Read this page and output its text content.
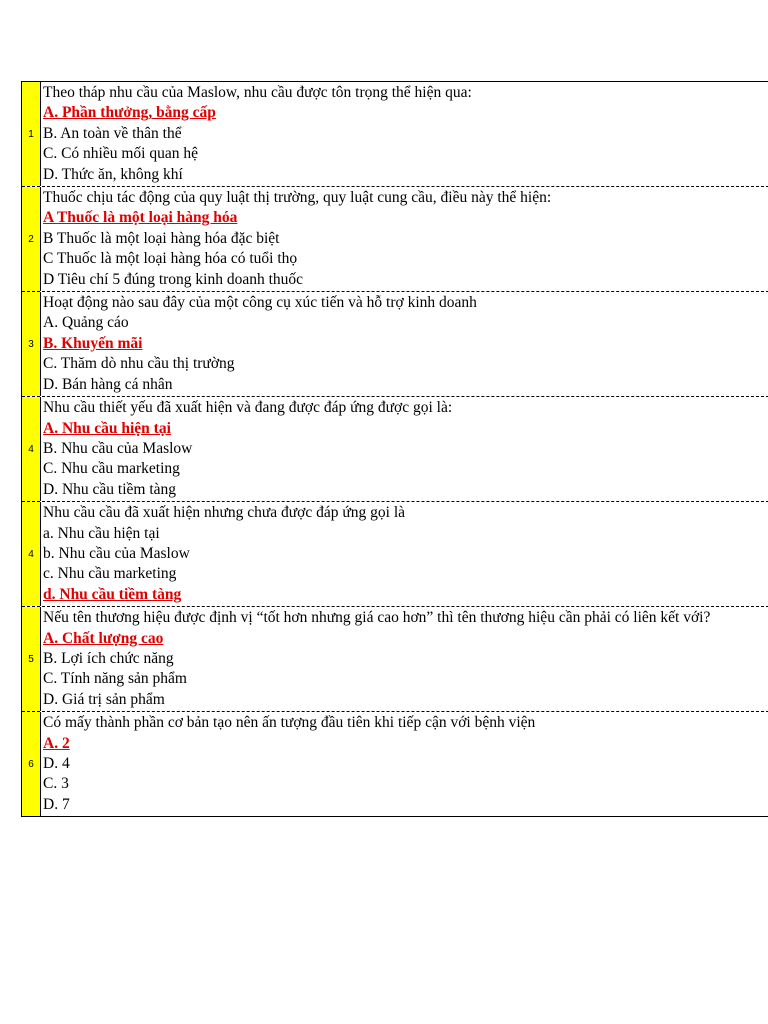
1
Theo tháp nhu cầu của Maslow, nhu cầu được tôn trọng thể hiện qua:
A. Phần thưởng, bằng cấp
B. An toàn về thân thể
C. Có nhiều mối quan hệ
D. Thức ăn, không khí
2
Thuốc chịu tác động của quy luật thị trường, quy luật cung cầu, điều này thể hiện:
A Thuốc là một loại hàng hóa
B Thuốc là một loại hàng hóa đặc biệt
C Thuốc là một loại hàng hóa có tuổi thọ
D Tiêu chí 5 đúng trong kinh doanh thuốc
3
Hoạt động nào sau đây của một công cụ xúc tiến và hỗ trợ kinh doanh
A. Quảng cáo
B. Khuyến mãi
C. Thăm dò nhu cầu thị trường
D. Bán hàng cá nhân
4
Nhu cầu thiết yếu đã xuất hiện và đang được đáp ứng được gọi là:
A. Nhu cầu hiện tại
B. Nhu cầu của Maslow
C. Nhu cầu marketing
D. Nhu cầu tiềm tàng
4
Nhu cầu cầu đã xuất hiện nhưng chưa được đáp ứng gọi là
a. Nhu cầu hiện tại
b. Nhu cầu của Maslow
c. Nhu cầu marketing
d. Nhu cầu tiềm tàng
5
Nếu tên thương hiệu được định vị “tốt hơn nhưng giá cao hơn” thì tên thương hiệu cần phải có liên kết với?
A. Chất lượng cao
B. Lợi ích chức năng
C. Tính năng sản phẩm
D. Giá trị sản phẩm
6
Có mấy thành phần cơ bản tạo nên ấn tượng đầu tiên khi tiếp cận với bệnh viện
A. 2
D. 4
C. 3
D. 7
